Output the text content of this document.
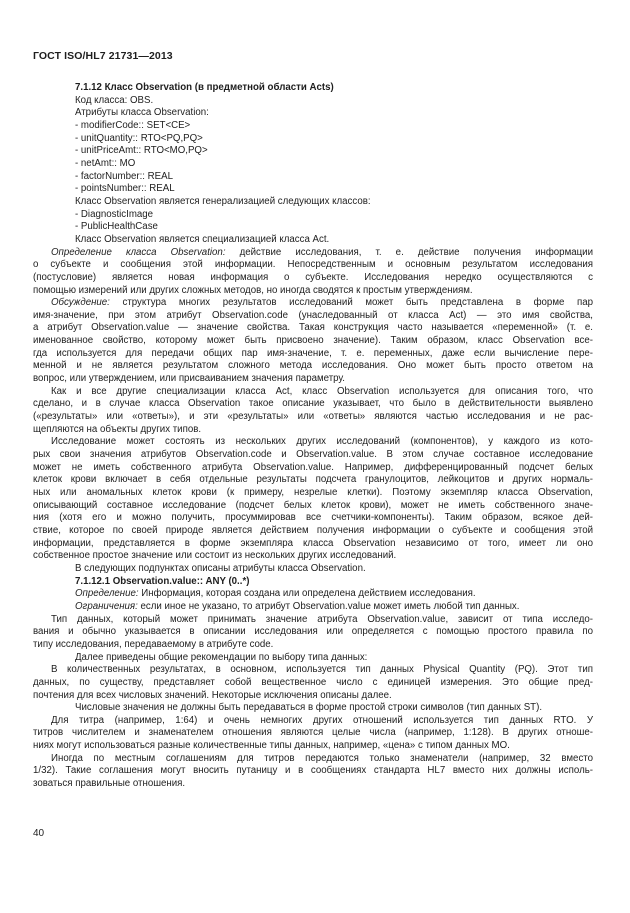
ГОСТ ISO/HL7 21731—2013

7.1.12 Класс Observation (в предметной области Acts)

Код класса: OBS.

Атрибуты класса Observation:

- modifierCode:: SET<CE>

- unitQuantity:: RTO<PQ,PQ>

- unitPriceAmt:: RTO<MO,PQ>

- netAmt:: MO

- factorNumber:: REAL

- pointsNumber:: REAL

Класс Observation является генерализацией следующих классов:

- DiagnosticImage

- PublicHealthCase

Класс Observation является специализацией класса Act.

Определение класса Observation: действие исследования, т. е. действие получения информации

о субъекте и сообщения этой информации. Непосредственным и основным результатом исследования

(постусловие) является новая информация о субъекте. Исследования нередко осуществляются с

помощью измерений или других сложных методов, но иногда сводятся к простым утверждениям.

Обсуждение: структура многих результатов исследований может быть представлена в форме пар

имя-значение, при этом атрибут Observation.code (унаследованный от класса Act) — это имя свойства,

а атрибут Observation.value — значение свойства. Такая конструкция часто называется «переменной» (т. е.

именованное свойство, которому может быть присвоено значение). Таким образом, класс Observation все-

гда используется для передачи общих пар имя-значение, т. е. переменных, даже если вычисление пере-

менной и не является результатом сложного метода исследования. Оно может быть просто ответом на

вопрос, или утверждением, или присваиванием значения параметру.

Как и все другие специализации класса Act, класс Observation используется для описания того, что

сделано, и в случае класса Observation такое описание указывает, что было в действительности выявлено

(«результаты» или «ответы»), и эти «результаты» или «ответы» являются частью исследования и не рас-

щепляются на объекты других типов.

Исследование может состоять из нескольких других исследований (компонентов), у каждого из кото-

рых свои значения атрибутов Observation.code и Observation.value. В этом случае составное исследование

может не иметь собственного атрибута Observation.value. Например, дифференцированный подсчет белых

клеток крови включает в себя отдельные результаты подсчета гранулоцитов, лейкоцитов и других нормаль-

ных или аномальных клеток крови (к примеру, незрелые клетки). Поэтому экземпляр класса Observation,

описывающий составное исследование (подсчет белых клеток крови), может не иметь собственного значе-

ния (хотя его и можно получить, просуммировав все счетчики-компоненты). Таким образом, всякое дей-

ствие, которое по своей природе является действием получения информации о субъекте и сообщения этой

информации, представляется в форме экземпляра класса Observation независимо от того, имеет ли оно

собственное простое значение или состоит из нескольких других исследований.

В следующих подпунктах описаны атрибуты класса Observation.

7.1.12.1 Observation.value:: ANY (0..*)

Определение: Информация, которая создана или определена действием исследования.

Ограничения: если иное не указано, то атрибут Observation.value может иметь любой тип данных.

Тип данных, который может принимать значение атрибута Observation.value, зависит от типа исследо-

вания и обычно указывается в описании исследования или определяется с помощью простого правила по

типу исследования, передаваемому в атрибуте code.

Далее приведены общие рекомендации по выбору типа данных:

В количественных результатах, в основном, используется тип данных Physical Quantity (PQ). Этот тип

данных, по существу, представляет собой вещественное число с единицей измерения. Это общие пред-

почтения для всех числовых значений. Некоторые исключения описаны далее.

Числовые значения не должны быть передаваться в форме простой строки символов (тип данных ST).

Для титра (например, 1:64) и очень немногих других отношений используется тип данных RTO. У

титров числителем и знаменателем отношения являются целые числа (например, 1:128). В других отноше-

ниях могут использоваться разные количественные типы данных, например, «цена» с типом данных MO.

Иногда по местным соглашениям для титров передаются только знаменатели (например, 32 вместо

1/32). Такие соглашения могут вносить путаницу и в сообщениях стандарта HL7 вместо них должны исполь-

зоваться правильные отношения.

40
